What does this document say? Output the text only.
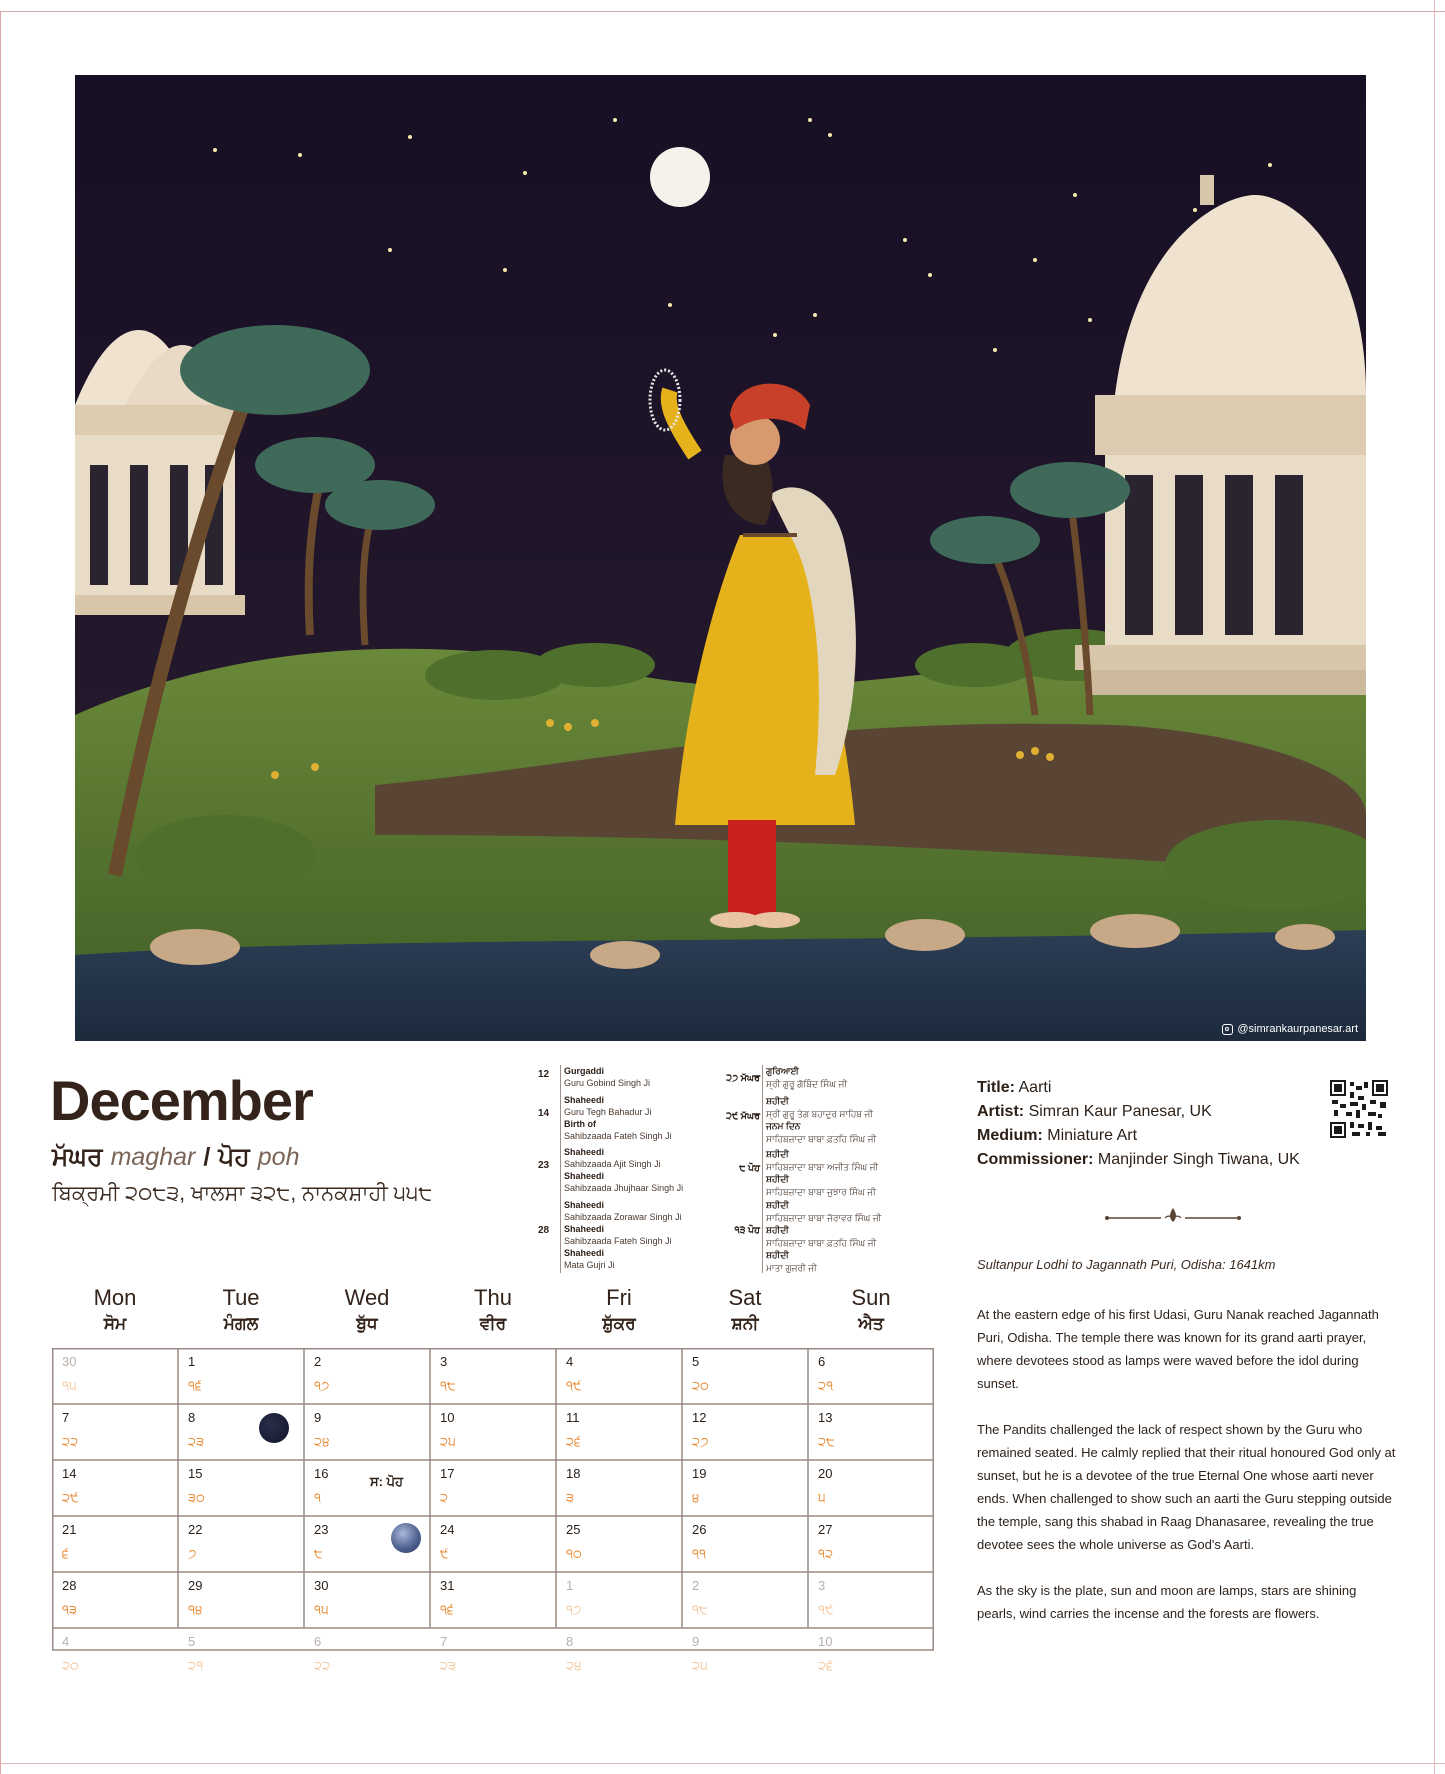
@simrankaurpanesar.art
December
ਮੱਘਰ maghar / ਪੋਹ poh
ਬਿਕ੍ਰਮੀ ੨੦੮੩, ਖਾਲਸਾ ੩੨੮, ਨਾਨਕਸ਼ਾਹੀ ੫੫੮
12	Gurgaddi
Guru Gobind Singh Ji
14
Shaheedi
Guru Tegh Bahadur Ji
Birth of
Sahibzaada Fateh Singh Ji
23
Shaheedi
Sahibzaada Ajit Singh Ji
Shaheedi
Sahibzaada Jhujhaar Singh Ji
28
Shaheedi
Sahibzaada Zorawar Singh Ji
Shaheedi
Sahibzaada Fateh Singh Ji
Shaheedi
Mata Gujri Ji
੨੭ ਮੱਘਰ
ਗੁਰਿਆਈ
ਸ੍ਰੀ ਗੁਰੂ ਗੋਬਿੰਦ ਸਿੰਘ ਜੀ
੨੯ ਮੱਘਰ
ਸ਼ਹੀਦੀ
ਸ੍ਰੀ ਗੁਰੂ ਤੇਗ ਬਹਾਦੁਰ ਸਾਹਿਬ ਜੀ
ਜਨਮ ਦਿਨ
ਸਾਹਿਬਜ਼ਾਦਾ ਬਾਬਾ ਫ਼ਤਹਿ ਸਿੰਘ ਜੀ
੮ ਪੋਹ
ਸ਼ਹੀਦੀ
ਸਾਹਿਬਜ਼ਾਦਾ ਬਾਬਾ ਅਜੀਤ ਸਿੰਘ ਜੀ
ਸ਼ਹੀਦੀ
ਸਾਹਿਬਜ਼ਾਦਾ ਬਾਬਾ ਜੁਝਾਰ ਸਿੰਘ ਜੀ
੧੩ ਪੋਹ
ਸ਼ਹੀਦੀ
ਸਾਹਿਬਜ਼ਾਦਾ ਬਾਬਾ ਜੋਰਾਵਰ ਸਿੰਘ ਜੀ
ਸ਼ਹੀਦੀ
ਸਾਹਿਬਜ਼ਾਦਾ ਬਾਬਾ ਫ਼ਤਹਿ ਸਿੰਘ ਜੀ
ਸ਼ਹੀਦੀ
ਮਾਤਾ ਗੁਜਰੀ ਜੀ
Mon
ਸੋਮ
Tue
ਮੰਗਲ
Wed
ਬੁੱਧ
Thu
ਵੀਰ
Fri
ਸ਼ੁੱਕਰ
Sat
ਸ਼ਨੀ
Sun
ਐਤ
30
੧੫
1
੧੬
2
੧੭
3
੧੮
4
੧੯
5
੨੦
6
੨੧
7
੨੨
8
੨੩
9
੨੪
10
੨੫
11
੨੬
12
੨੭
13
੨੮
14
੨੯
15
੩੦
16
੧
17
੨
18
੩
19
੪
20
੫
21
੬
22
੭
23
੮
24
੯
25
੧੦
26
੧੧
27
੧੨
28
੧੩
29
੧੪
30
੧੫
31
੧੬
1
੧੭
2
੧੮
3
੧੯
4
੨੦
5
੨੧
6
੨੨
7
੨੩
8
੨੪
9
੨੫
10
੨੬
ਸ: ਪੋਹ
Title: Aarti
Artist: Simran Kaur Panesar, UK
Medium: Miniature Art
Commissioner: Manjinder Singh Tiwana, UK
Sultanpur Lodhi to Jagannath Puri, Odisha: 1641km

At the eastern edge of his first Udasi, Guru Nanak reached Jagannath Puri, Odisha. The temple there was known for its grand aarti prayer, where devotees stood as lamps were waved before the idol during sunset.

The Pandits challenged the lack of respect shown by the Guru who remained seated. He calmly replied that their ritual honoured God only at sunset, but he is a devotee of the true Eternal One whose aarti never ends. When challenged to show such an aarti the Guru stepping outside the temple, sang this shabad in Raag Dhanasaree, revealing the true devotee sees the whole universe as God's Aarti.

As the sky is the plate, sun and moon are lamps, stars are shining pearls, wind carries the incense and the forests are flowers.
